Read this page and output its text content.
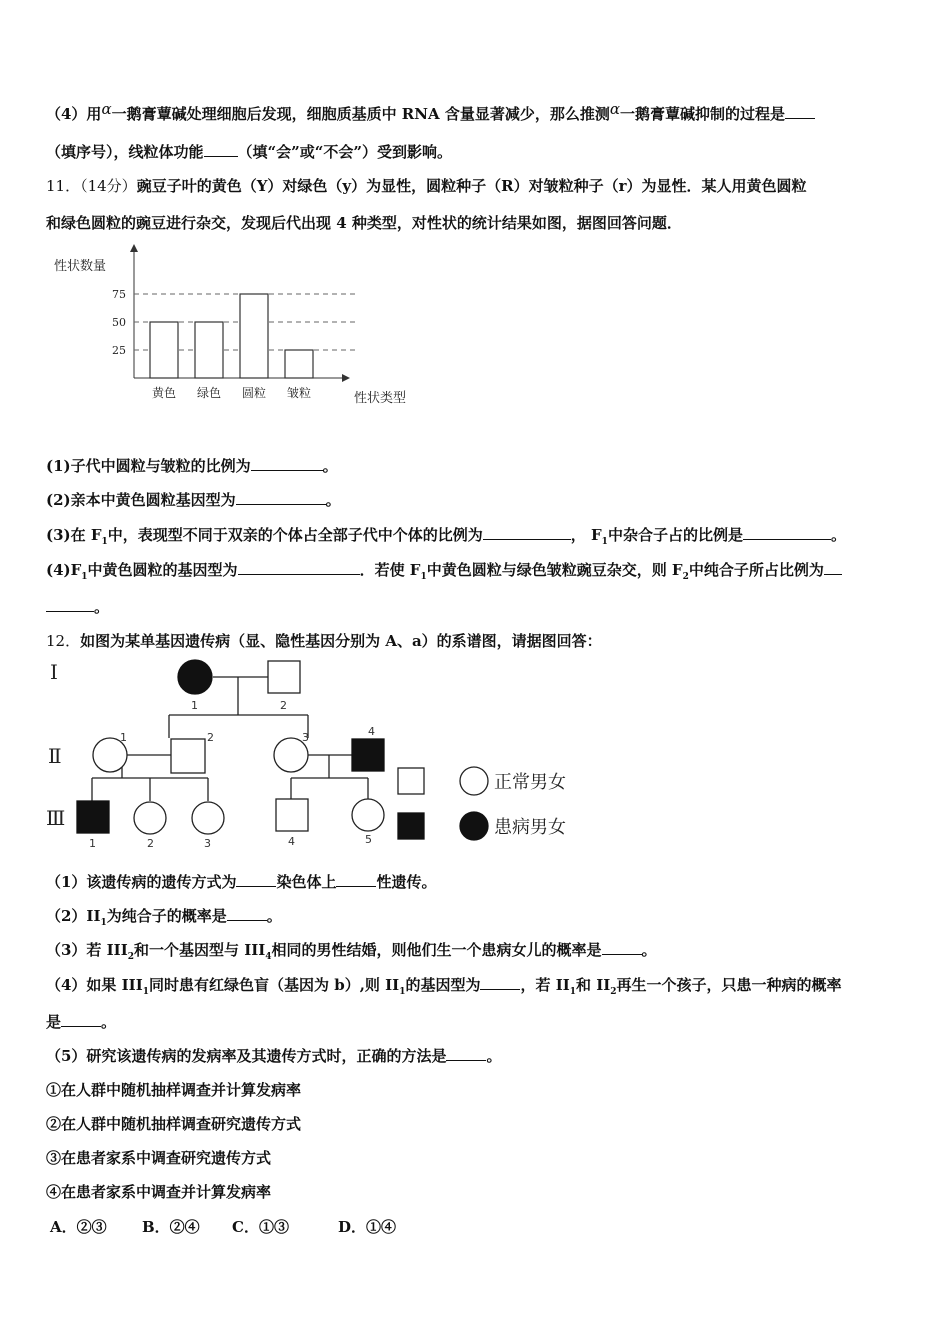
（4）用α一鹅膏蕈碱处理细胞后发现，细胞质基质中 RNA 含量显著减少，那么推测α一鹅膏蕈碱抑制的过程是
（填序号），线粒体功能 （填“会”或“不会”）受到影响。
11．（14分）豌豆子叶的黄色（Y）对绿色（y）为显性，圆粒种子（R）对皱粒种子（r）为显性．某人用黄色圆粒
和绿色圆粒的豌豆进行杂交，发现后代出现 4 种类型，对性状的统计结果如图，据图回答问题．
性状数量
性状类型
25
50
75
黄色 绿色 圆粒 皱粒
(1)子代中圆粒与皱粒的比例为	。
(2)亲本中黄色圆粒基因型为	。
(3)在 $F_1$中，表现型不同于双亲的个体占全部子代中个体的比例为	， $F_1$中杂合子占的比例是	。
$(4)F_1$中黄色圆粒的基因型为	．若使 $F_1$中黄色圆粒与绿色皱粒豌豆杂交，则 $F_2$中纯合子所占比例为
。
12．如图为某单基因遗传病（显、隐性基因分别为 A、a）的系谱图，请据图回答：
Ⅰ
Ⅱ
Ⅲ
1	2
1	2	3	4
1	2	3	4	5
正常男女
患病男女
（1）该遗传病的遗传方式为	染色体上	性遗传。
$(2)II_1$为纯合子的概率是	。
（3）若 $III_2$和一个基因型与 $III_4$相同的男性结婚，则他们生一个患病女儿的概率是	。
（4）如果 $III_1$同时患有红绿色盲（基因为 b）,则 $II_1$的基因型为	，若 $II_1$和 $II_2$再生一个孩子，只患一种病的概率
是	。
（5）研究该遗传病的发病率及其遗传方式时，正确的方法是	。
①在人群中随机抽样调查并计算发病率
②在人群中随机抽样调查研究遗传方式
③在患者家系中调查研究遗传方式
④在患者家系中调查并计算发病率
A．②③ B．②④ C．①③	D．①④
